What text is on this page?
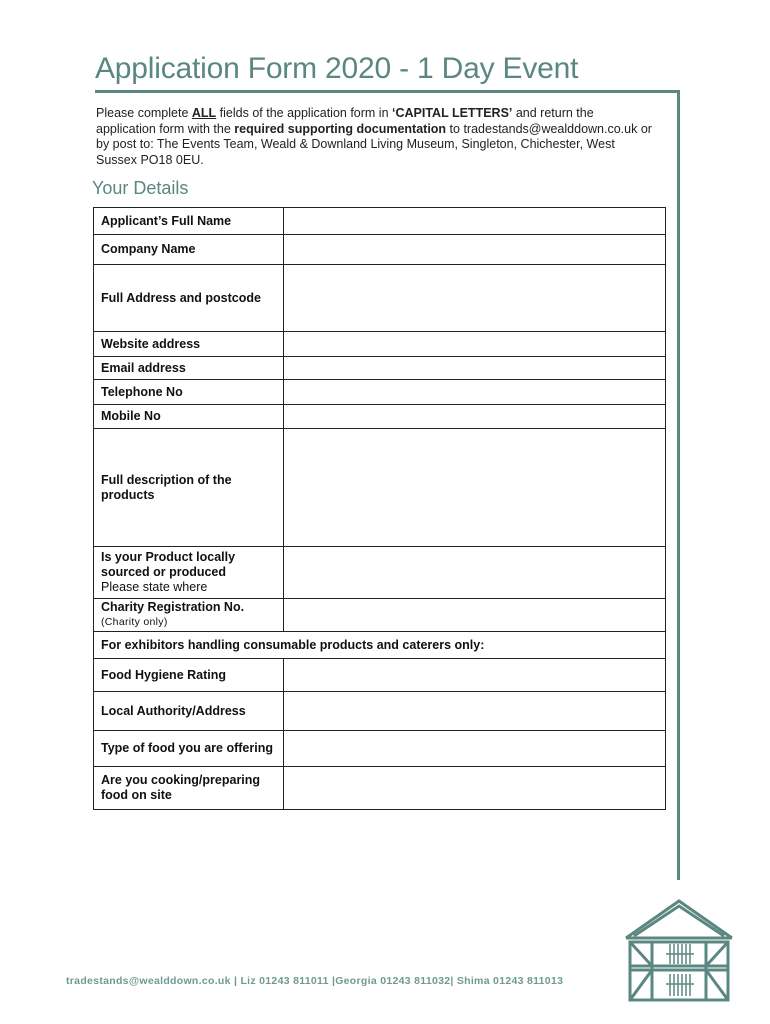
Application Form 2020 - 1 Day Event

Please complete ALL fields of the application form in ‘CAPITAL LETTERS’ and return the application form with the required supporting documentation to tradestands@wealddown.co.uk or by post to: The Events Team, Weald & Downland Living Museum, Singleton, Chichester, West Sussex PO18 0EU.

Your Details
Applicant’s Full Name	
Company Name	
Full Address and postcode	
Website address	
Email address	
Telephone No	
Mobile No	
Full description of the products	
Is your Product locally sourced or produced
Please state where	

Charity Registration No.
(Charity only)	

For exhibitors handling consumable products and caterers only:	
Food Hygiene Rating	
Local Authority/Address	
Type of food you are offering	
Are you cooking/preparing food on site	
tradestands@wealddown.co.uk | Liz 01243 811011 |Georgia 01243 811032| Shima 01243 811013
